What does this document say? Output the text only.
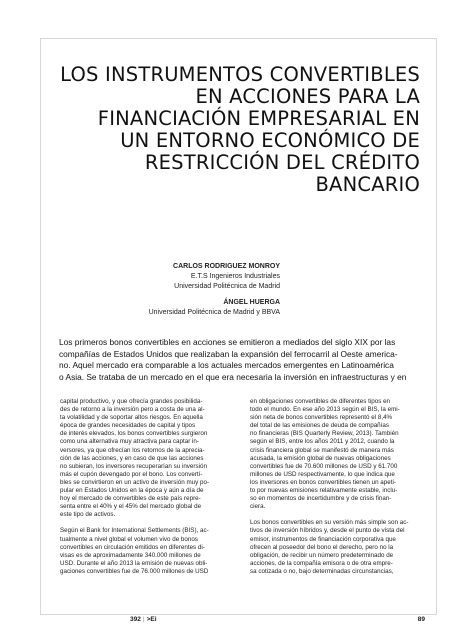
LOS INSTRUMENTOS CONVERTIBLES
EN ACCIONES PARA LA
FINANCIACIÓN EMPRESARIAL EN
UN ENTORNO ECONÓMICO DE
RESTRICCIÓN DEL CRÉDITO
BANCARIO
CARLOS RODRIGUEZ MONROY
E.T.S Ingenieros Industriales
Universidad Politécnica de Madrid
ÁNGEL HUERGA
Universidad Politécnica de Madrid y BBVA
Los primeros bonos convertibles en acciones se emitieron a mediados del siglo XIX por las
compañías de Estados Unidos que realizaban la expansión del ferrocarril al Oeste america-
no. Aquel mercado era comparable a los actuales mercados emergentes en Latinoamérica
o Asia. Se trataba de un mercado en el que era necesaria la inversión en infraestructuras y en
capital productivo, y que ofrecía grandes posibilida-
des de retorno a la inversión pero a costa de una al-
ta volatilidad y de soportar altos riesgos. En aquella
época de grandes necesidades de capital y tipos
de interés elevados, los bonos convertibles surgieron
como una alternativa muy atractiva para captar in-
versores, ya que ofrecían los retornos de la aprecia-
ción de las acciones, y en caso de que las acciones
no subieran, los inversores recuperarían su inversión
más el cupón devengado por el bono. Los convertí-
bles se convirtieron en un activo de inversión muy po-
pular en Estados Unidos en la época y aún a día de
hoy el mercado de convertibles de este país repre-
senta entre el 40% y el 45% del mercado global de
este tipo de activos.
Según el Bank for International Settlements (BIS), ac-
tualmente a nivel global el volumen vivo de bonos
convertibles en circulación emitidos en diferentes di-
visas es de aproximadamente 340.000 millones de
USD. Durante el año 2013 la emisión de nuevas obli-
gaciones convertibles fue de 76.000 millones de USD
en obligaciones convertibles de diferentes tipos en
todo el mundo. En ese año 2013 según el BIS, la emi-
sión neta de bonos convertibles representó el 8,4%
del total de las emisiones de deuda de compañías
no financieras (BIS Quarterly Review, 2013). También
según el BIS, entre los años 2011 y 2012, cuando la
crisis financiera global se manifestó de manera más
acusada, la emisión global de nuevas obligaciones
convertibles fue de 70.600 millones de USD y 61.700
millones de USD respectivamente, lo que indica que
los inversores en bonos convertibles tienen un apeti-
to por nuevas emisiones relativamente estable, inclu-
so en momentos de incertidumbre y de crisis finan-
ciera.
Los bonos convertibles en su versión más simple son ac-
tivos de inversión híbridos y, desde el punto de vista del
emisor, instrumentos de financiación corporativa que
ofrecen al poseedor del bono el derecho, pero no la
obligación, de recibir un número predeterminado de
acciones, de la compañía emisora o de otra empre-
sa cotizada o no, bajo determinadas circunstancias,
392 | >Ei	89
